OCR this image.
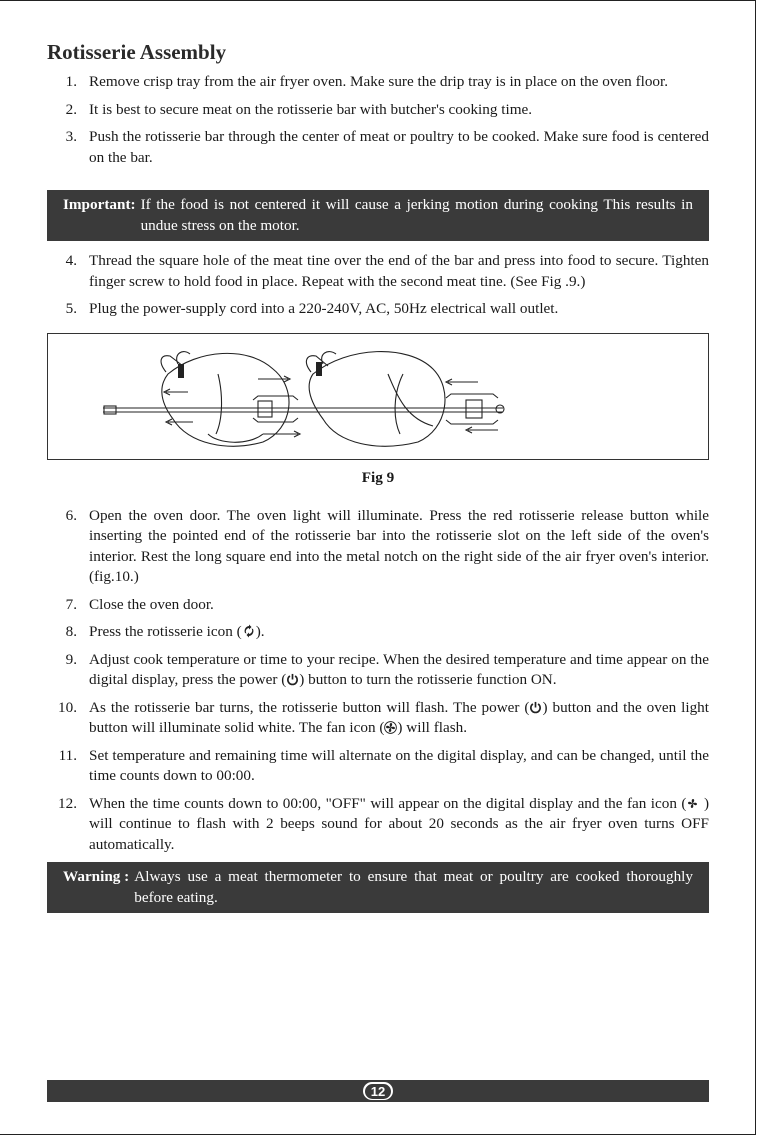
Rotisserie Assembly
1. Remove crisp tray from the air fryer oven. Make sure the drip tray is in place on the oven floor.
2. It is best to secure meat on the rotisserie bar with butcher's cooking time.
3. Push the rotisserie bar through the center of meat or poultry to be cooked. Make sure food is centered on the bar.
Important: If the food is not centered it will cause a jerking motion during cooking This results in undue stress on the motor.
4. Thread the square hole of the meat tine over the end of the bar and press into food to secure. Tighten finger screw to hold food in place. Repeat with the second meat tine. (See Fig .9.)
5. Plug the power-supply cord into a 220-240V, AC, 50Hz electrical wall outlet.
Fig 9
6. Open the oven door. The oven light will illuminate. Press the red rotisserie release button while inserting the pointed end of the rotisserie bar into the rotisserie slot on the left side of the oven's interior. Rest the long square end into the metal notch on the right side of the air fryer oven's interior. (fig.10.)
7. Close the oven door.
8. Press the rotisserie icon ( ).
9. Adjust cook temperature or time to your recipe. When the desired temperature and time appear on the digital display, press the power ( ) button to turn the rotisserie function ON.
10. As the rotisserie bar turns, the rotisserie button will flash. The power ( ) button and the oven light button will illuminate solid white. The fan icon ( ) will flash.
11. Set temperature and remaining time will alternate on the digital display, and can be changed, until the time counts down to 00:00.
12. When the time counts down to 00:00, "OFF" will appear on the digital display and the fan icon ( ) will continue to flash with 2 beeps sound for about 20 seconds as the air fryer oven turns OFF automatically.
Warning : Always use a meat thermometer to ensure that meat or poultry are cooked thoroughly before eating.
12
